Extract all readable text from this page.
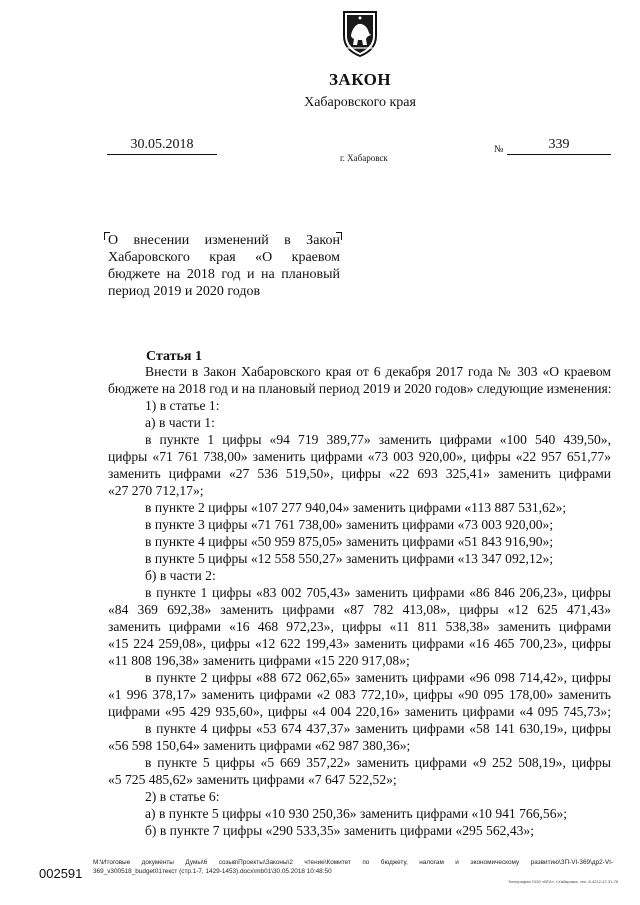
ЗАКОН
Хабаровского края
30.05.2018
г. Хабаровск
№	339
О внесении изменений в Закон
Хабаровского края «О краевом
бюджете на 2018 год и на плановый
период 2019 и 2020 годов
Статья 1
Внести в Закон Хабаровского края от 6 декабря 2017 года № 303 «О краевом
бюджете на 2018 год и на плановый период 2019 и 2020 годов» следующие изменения:
1) в статье 1:
а) в части 1:
в пункте 1 цифры «94 719 389,77» заменить цифрами «100 540 439,50»,
цифры «71 761 738,00» заменить цифрами «73 003 920,00», цифры «22 957 651,77»
заменить цифрами «27 536 519,50», цифры «22 693 325,41» заменить цифрами
«27 270 712,17»;
в пункте 2 цифры «107 277 940,04» заменить цифрами «113 887 531,62»;
в пункте 3 цифры «71 761 738,00» заменить цифрами «73 003 920,00»;
в пункте 4 цифры «50 959 875,05» заменить цифрами «51 843 916,90»;
в пункте 5 цифры «12 558 550,27» заменить цифрами «13 347 092,12»;
б) в части 2:
в пункте 1 цифры «83 002 705,43» заменить цифрами «86 846 206,23», цифры
«84 369 692,38» заменить цифрами «87 782 413,08», цифры «12 625 471,43»
заменить цифрами «16 468 972,23», цифры «11 811 538,38» заменить цифрами
«15 224 259,08», цифры «12 622 199,43» заменить цифрами «16 465 700,23», цифры
«11 808 196,38» заменить цифрами «15 220 917,08»;
в пункте 2 цифры «88 672 062,65» заменить цифрами «96 098 714,42», цифры
«1 996 378,17» заменить цифрами «2 083 772,10», цифры «90 095 178,00» заменить
цифрами «95 429 935,60», цифры «4 004 220,16» заменить цифрами «4 095 745,73»;
в пункте 4 цифры «53 674 437,37» заменить цифрами «58 141 630,19», цифры
«56 598 150,64» заменить цифрами «62 987 380,36»;
в пункте 5 цифры «5 669 357,22» заменить цифрами «9 252 508,19», цифры
«5 725 485,62» заменить цифрами «7 647 522,52»;
2) в статье 6:
а) в пункте 5 цифры «10 930 250,36» заменить цифрами «10 941 766,56»;
б) в пункте 7 цифры «290 533,35» заменить цифрами «295 562,43»;
002591
M:\Итоговые документы Думы\6 созыв\Проекты\Законы\2 чтение\Комитет по бюджету, налогам и экономическому развитию\ЗП-VI-369\др2-VI-
369_v300518_budget01текст (стр.1-7, 1429-1453).docx\mb01\30.05.2018 10:48:50
Типография ООО «ВТА», г.Хабаровск, тел. 8-4212-47-31-76
